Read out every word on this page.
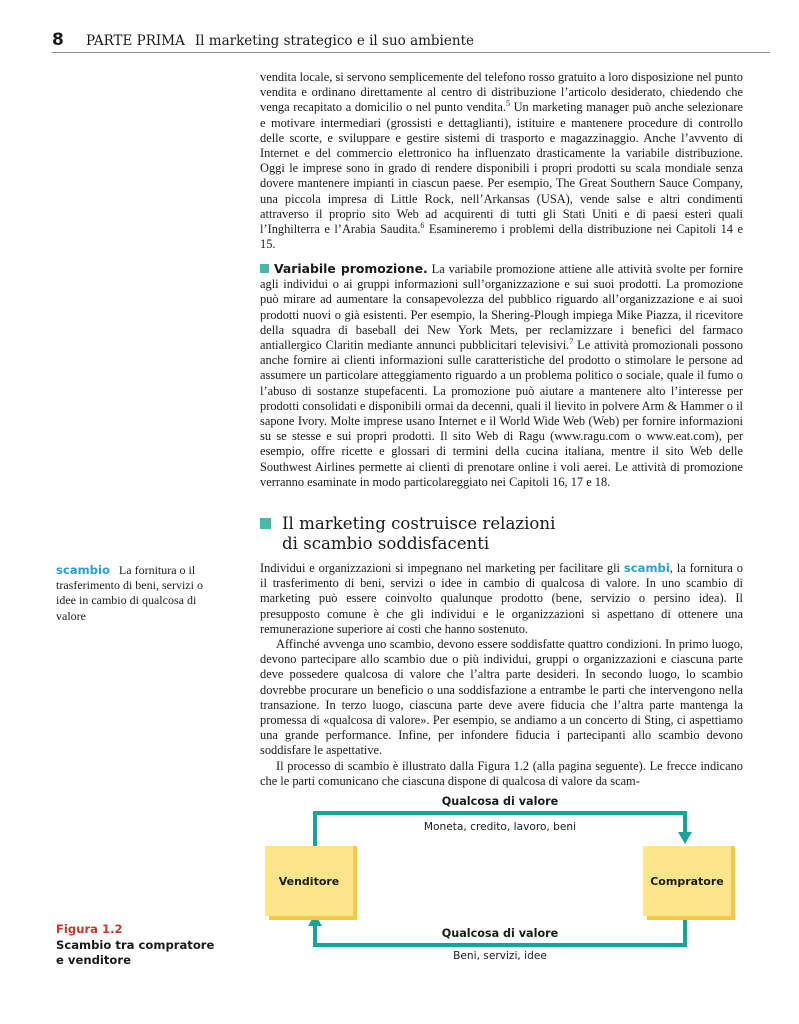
8 PARTE PRIMA Il marketing strategico e il suo ambiente

vendita locale, si servono semplicemente del telefono rosso gratuito a loro disposizione nel punto vendita e ordinano direttamente al centro di distribuzione l’articolo desiderato, chiedendo che venga recapitato a domicilio o nel punto vendita.$^5$ Un marketing manager può anche selezionare e motivare intermediari (grossisti e dettaglianti), istituire e mantenere procedure di controllo delle scorte, e sviluppare e gestire sistemi di trasporto e magazzinaggio. Anche l’avvento di Internet e del commercio elettronico ha influenzato drasticamente la variabile distribuzione. Oggi le imprese sono in grado di rendere disponibili i propri prodotti su scala mondiale senza dovere mantenere impianti in ciascun paese. Per esempio, The Great Southern Sauce Company, una piccola impresa di Little Rock, nell’Arkansas (USA), vende salse e altri condimenti attraverso il proprio sito Web ad acquirenti di tutti gli Stati Uniti e di paesi esteri quali l’Inghilterra e l’Arabia Saudita.$^6$ Esamineremo i problemi della distribuzione nei Capitoli 14 e 15.

Variabile promozione. La variabile promozione attiene alle attività svolte per fornire agli individui o ai gruppi informazioni sull’organizzazione e sui suoi prodotti. La promozione può mirare ad aumentare la consapevolezza del pubblico riguardo all’organizzazione e ai suoi prodotti nuovi o già esistenti. Per esempio, la Shering-Plough impiega Mike Piazza, il ricevitore della squadra di baseball dei New York Mets, per reclamizzare i benefici del farmaco antiallergico Claritin mediante annunci pubblicitari televisivi.$^7$ Le attività promozionali possono anche fornire ai clienti informazioni sulle caratteristiche del prodotto o stimolare le persone ad assumere un particolare atteggiamento riguardo a un problema politico o sociale, quale il fumo o l’abuso di sostanze stupefacenti. La promozione può aiutare a mantenere alto l’interesse per prodotti consolidati e disponibili ormai da decenni, quali il lievito in polvere Arm & Hammer o il sapone Ivory. Molte imprese usano Internet e il World Wide Web (Web) per fornire informazioni su se stesse e sui propri prodotti. Il sito Web di Ragu (www.ragu.com o www.eat.com), per esempio, offre ricette e glossari di termini della cucina italiana, mentre il sito Web delle Southwest Airlines permette ai clienti di prenotare online i voli aerei. Le attività di promozione verranno esaminate in modo particolareggiato nei Capitoli 16, 17 e 18.

Il marketing costruisce relazioni
di scambio soddisfacenti
scambio La fornitura o il trasferimento di beni, servizi o idee in cambio di qualcosa di valore

Individui e organizzazioni si impegnano nel marketing per facilitare gli scambi, la fornitura o il trasferimento di beni, servizi o idee in cambio di qualcosa di valore. In uno scambio di marketing può essere coinvolto qualunque prodotto (bene, servizio o persino idea). Il presupposto comune è che gli individui e le organizzazioni si aspettano di ottenere una remunerazione superiore ai costi che hanno sostenuto.

Affinché avvenga uno scambio, devono essere soddisfatte quattro condizioni. In primo luogo, devono partecipare allo scambio due o più individui, gruppi o organizzazioni e ciascuna parte deve possedere qualcosa di valore che l’altra parte desideri. In secondo luogo, lo scambio dovrebbe procurare un beneficio o una soddisfazione a entrambe le parti che intervengono nella transazione. In terzo luogo, ciascuna parte deve avere fiducia che l’altra parte mantenga la promessa di «qualcosa di valore». Per esempio, se andiamo a un concerto di Sting, ci aspettiamo una grande performance. Infine, per infondere fiducia i partecipanti allo scambio devono soddisfare le aspettative.

Il processo di scambio è illustrato dalla Figura 1.2 (alla pagina seguente). Le frecce indicano che le parti comunicano che ciascuna dispone di qualcosa di valore da scam-

Qualcosa di valore
Moneta, credito, lavoro, beni
Venditore	Compratore
Qualcosa di valore
Beni, servizi, idee
Figura 1.2
Scambio tra compratore e venditore
